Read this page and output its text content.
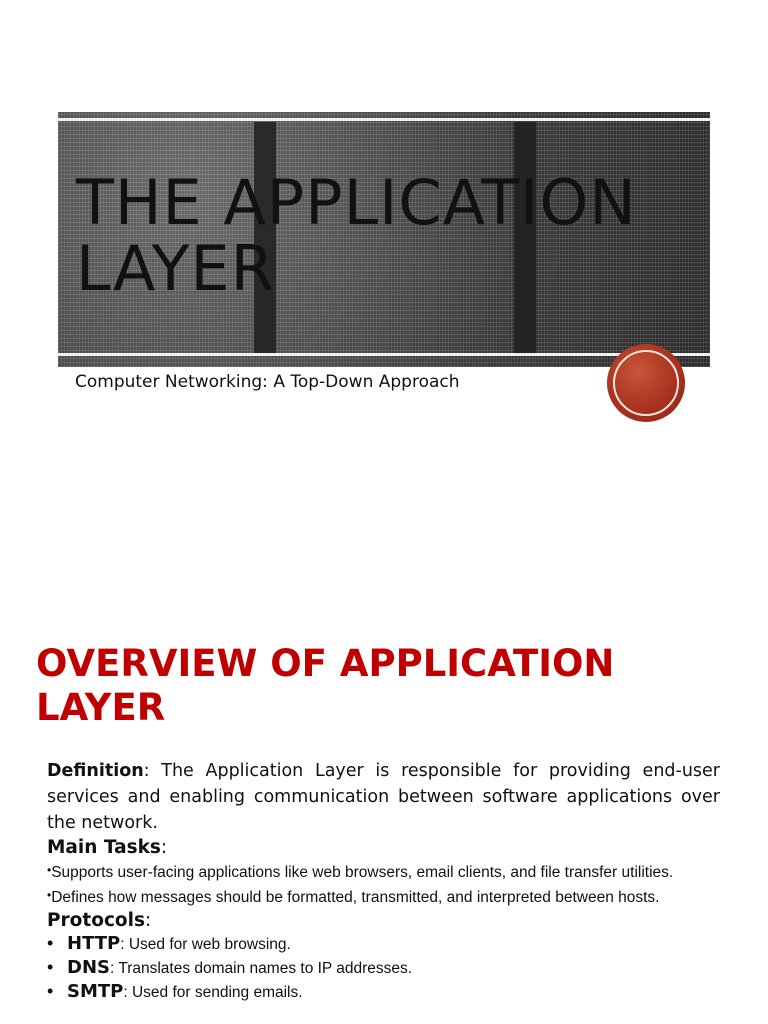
THE APPLICATION
LAYER

Computer Networking: A Top-Down Approach

OVERVIEW OF APPLICATION
LAYER

Definition: The Application Layer is responsible for providing end-user services and enabling communication between software applications over the network.

Main Tasks:

•Supports user-facing applications like web browsers, email clients, and file transfer utilities.

•Defines how messages should be formatted, transmitted, and interpreted between hosts.

Protocols:

• HTTP: Used for web browsing.
• DNS: Translates domain names to IP addresses.
• SMTP: Used for sending emails.
